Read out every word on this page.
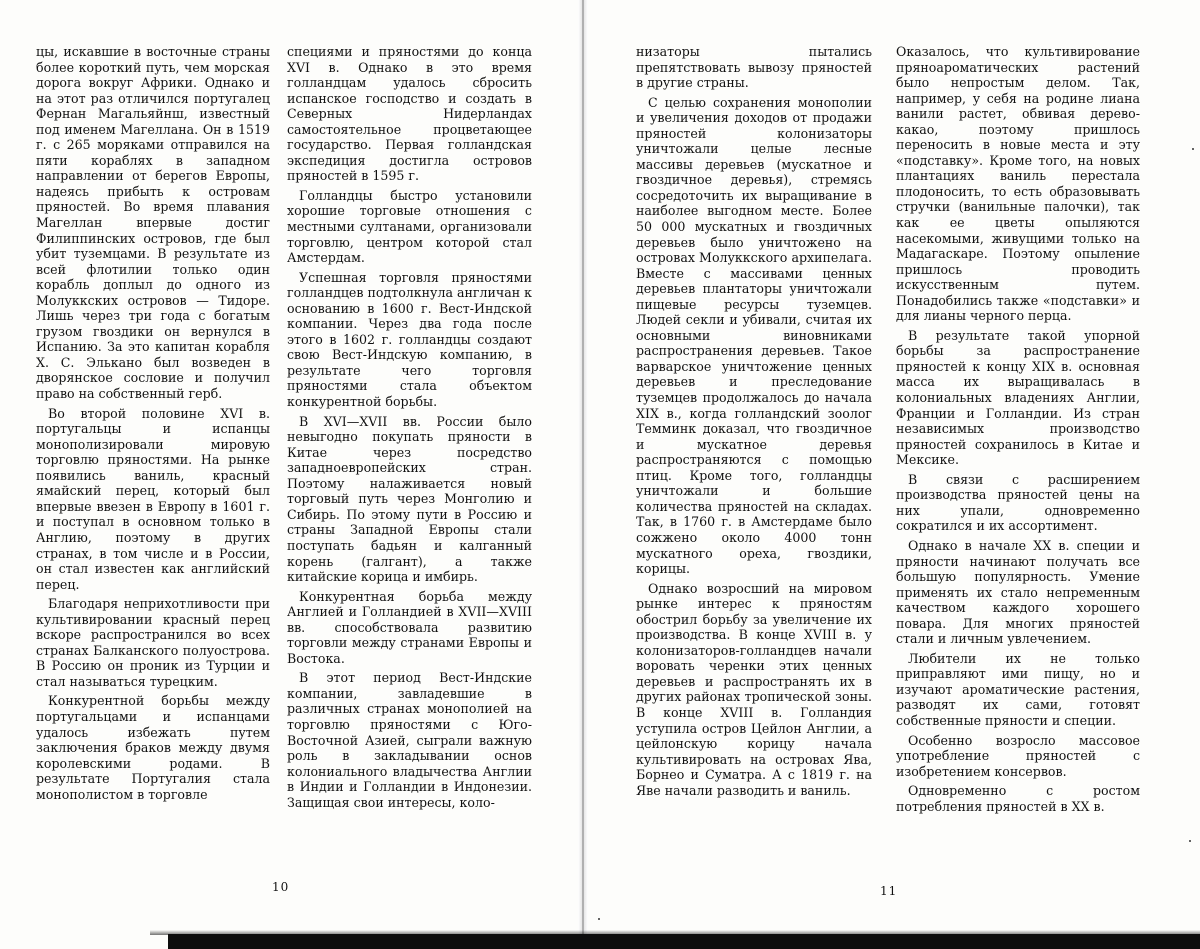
цы, искавшие в восточные страны более короткий путь, чем морская дорога вокруг Африки. Однако и на этот раз отличился португалец Фернан Магальяйнш, известный под именем Магеллана. Он в 1519 г. с 265 моряками отправился на пяти кораблях в западном направлении от берегов Европы, надеясь прибыть к островам пряностей. Во время плавания Магеллан впервые достиг Филиппинских островов, где был убит туземцами. В результате из всей флотилии только один корабль доплыл до одного из Молуккских островов — Тидоре. Лишь через три года с богатым грузом гвоздики он вернулся в Испанию. За это капитан корабля Х. С. Элькано был возведен в дворянское сословие и получил право на собственный герб.

Во второй половине XVI в. португальцы и испанцы монополизировали мировую торговлю пряностями. На рынке появились ваниль, красный ямайский перец, который был впервые ввезен в Европу в 1601 г. и поступал в основном только в Англию, поэтому в других странах, в том числе и в России, он стал известен как английский перец.

Благодаря неприхотливости при культивировании красный перец вскоре распространился во всех странах Балканского полуострова. В Россию он проник из Турции и стал называться турецким.

Конкурентной борьбы между португальцами и испанцами удалось избежать путем заключения браков между двумя королевскими родами. В результате Португалия стала монополистом в торговле

специями и пряностями до конца XVI в. Однако в это время голландцам удалось сбросить испанское господство и создать в Северных Нидерландах самостоятельное процветающее государство. Первая голландская экспедиция достигла островов пряностей в 1595 г.

Голландцы быстро установили хорошие торговые отношения с местными султанами, организовали торговлю, центром которой стал Амстердам.

Успешная торговля пряностями голландцев подтолкнула англичан к основанию в 1600 г. Вест-Индской компании. Через два года после этого в 1602 г. голландцы создают свою Вест-Индскую компанию, в результате чего торговля пряностями стала объектом конкурентной борьбы.

В XVI—XVII вв. России было невыгодно покупать пряности в Китае через посредство западноевропейских стран. Поэтому налаживается новый торговый путь через Монголию и Сибирь. По этому пути в Россию и страны Западной Европы стали поступать бадьян и калганный корень (галгант), а также китайские корица и имбирь.

Конкурентная борьба между Англией и Голландией в XVII—XVIII вв. способствовала развитию торговли между странами Европы и Востока.

В этот период Вест-Индские компании, завладевшие в различных странах монополией на торговлю пряностями с Юго-Восточной Азией, сыграли важную роль в закладывании основ колониального владычества Англии в Индии и Голландии в Индонезии. Защищая свои интересы, коло-

10

низаторы пытались препятствовать вывозу пряностей в другие страны.

С целью сохранения монополии и увеличения доходов от продажи пряностей колонизаторы уничтожали целые лесные массивы деревьев (мускатное и гвоздичное деревья), стремясь сосредоточить их выращивание в наиболее выгодном месте. Более 50 000 мускатных и гвоздичных деревьев было уничтожено на островах Молуккского архипелага. Вместе с массивами ценных деревьев плантаторы уничтожали пищевые ресурсы туземцев. Людей секли и убивали, считая их основными виновниками распространения деревьев. Такое варварское уничтожение ценных деревьев и преследование туземцев продолжалось до начала XIX в., когда голландский зоолог Темминк доказал, что гвоздичное и мускатное деревья распространяются с помощью птиц. Кроме того, голландцы уничтожали и большие количества пряностей на складах. Так, в 1760 г. в Амстердаме было сожжено около 4000 тонн мускатного ореха, гвоздики, корицы.

Однако возросший на мировом рынке интерес к пряностям обострил борьбу за увеличение их производства. В конце XVIII в. у колонизаторов-голландцев начали воровать черенки этих ценных деревьев и распространять их в других районах тропической зоны. В конце XVIII в. Голландия уступила остров Цейлон Англии, а цейлонскую корицу начала культивировать на островах Ява, Борнео и Суматра. А с 1819 г. на Яве начали разводить и ваниль.

Оказалось, что культивирование пряноароматических растений было непростым делом. Так, например, у себя на родине лиана ванили растет, обвивая дерево-какао, поэтому пришлось переносить в новые места и эту «подставку». Кроме того, на новых плантациях ваниль перестала плодоносить, то есть образовывать стручки (ванильные палочки), так как ее цветы опыляются насекомыми, живущими только на Мадагаскаре. Поэтому опыление пришлось проводить искусственным путем. Понадобились также «подставки» и для лианы черного перца.

В результате такой упорной борьбы за распространение пряностей к концу XIX в. основная масса их выращивалась в колониальных владениях Англии, Франции и Голландии. Из стран независимых производство пряностей сохранилось в Китае и Мексике.

В связи с расширением производства пряностей цены на них упали, одновременно сократился и их ассортимент.

Однако в начале XX в. специи и пряности начинают получать все большую популярность. Умение применять их стало непременным качеством каждого хорошего повара. Для многих пряностей стали и личным увлечением.

Любители их не только приправляют ими пищу, но и изучают ароматические растения, разводят их сами, готовят собственные пряности и специи.

Особенно возросло массовое употребление пряностей с изобретением консервов.

Одновременно с ростом потребления пряностей в XX в.

11
